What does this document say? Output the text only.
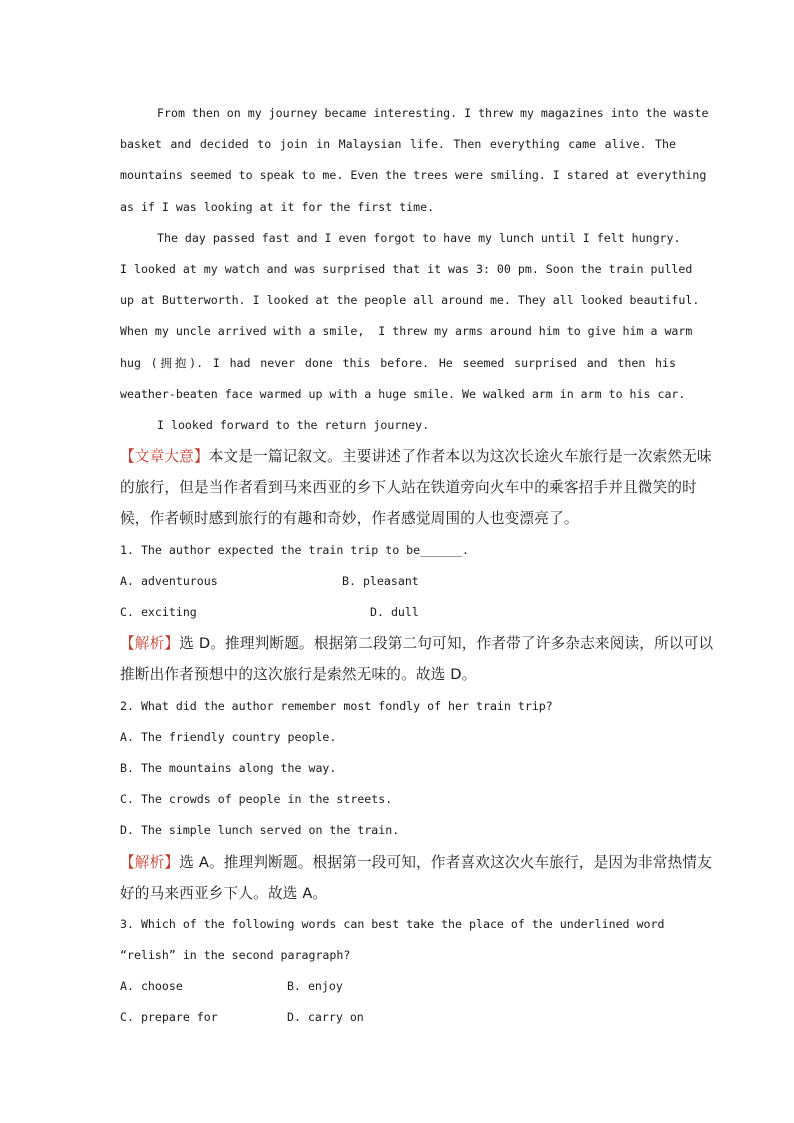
From then on my journey became interesting. I threw my magazines into the waste
basket and decided to join in Malaysian life. Then everything came alive. The
mountains seemed to speak to me. Even the trees were smiling. I stared at everything
as if I was looking at it for the first time.
The day passed fast and I even forgot to have my lunch until I felt hungry.
I looked at my watch and was surprised that it was 3: 00 pm. Soon the train pulled
up at Butterworth. I looked at the people all around me. They all looked beautiful.
When my uncle arrived with a smile,  I threw my arms around him to give him a warm
hug (拥抱). I had never done this before. He seemed surprised and then his
weather-beaten face warmed up with a huge smile. We walked arm in arm to his car.
I looked forward to the return journey.
【文章大意】本文是一篇记叙文。主要讲述了作者本以为这次长途火车旅行是一次索然无味
的旅行，但是当作者看到马来西亚的乡下人站在铁道旁向火车中的乘客招手并且微笑的时
候，作者顿时感到旅行的有趣和奇妙，作者感觉周围的人也变漂亮了。
1. The author expected the train trip to be______.
A. adventurous	B. pleasant
C. exciting	D. dull
【解析】选 D。推理判断题。根据第二段第二句可知，作者带了许多杂志来阅读，所以可以
推断出作者预想中的这次旅行是索然无味的。故选 D。
2. What did the author remember most fondly of her train trip?
A. The friendly country people.
B. The mountains along the way.
C. The crowds of people in the streets.
D. The simple lunch served on the train.
【解析】选 A。推理判断题。根据第一段可知，作者喜欢这次火车旅行，是因为非常热情友
好的马来西亚乡下人。故选 A。
3. Which of the following words can best take the place of the underlined word
“relish” in the second paragraph?
A. choose	B. enjoy
C. prepare for	D. carry on
